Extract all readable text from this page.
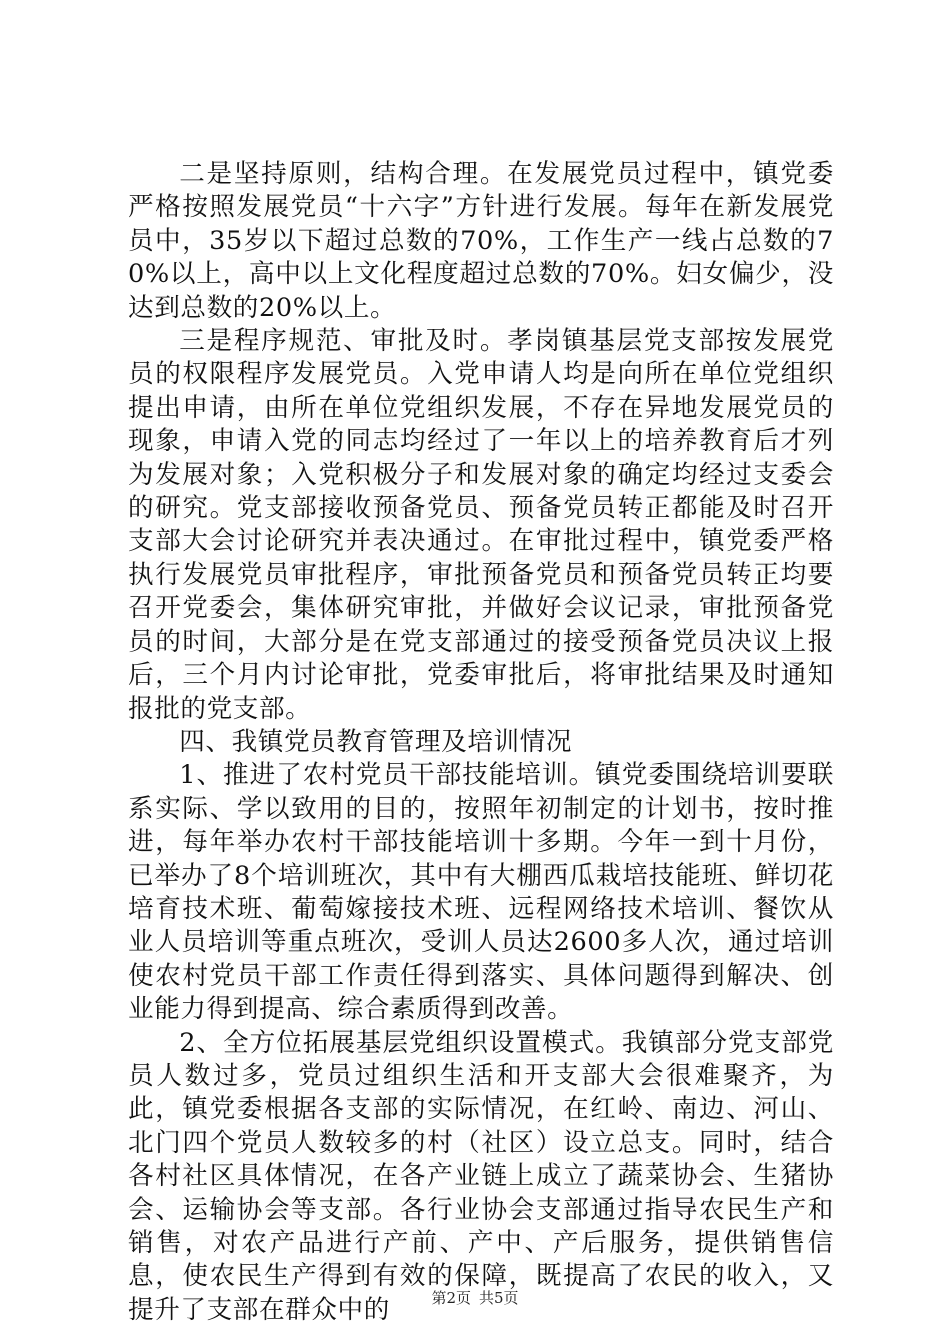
二是坚持原则，结构合理。在发展党员过程中，镇党委严格按照发展党员“十六字”方针进行发展。每年在新发展党员中，35岁以下超过总数的70%，工作生产一线占总数的70%以上，高中以上文化程度超过总数的70%。妇女偏少，没达到总数的20%以上。

三是程序规范、审批及时。孝岗镇基层党支部按发展党员的权限程序发展党员。入党申请人均是向所在单位党组织提出申请，由所在单位党组织发展，不存在异地发展党员的现象，申请入党的同志均经过了一年以上的培养教育后才列为发展对象；入党积极分子和发展对象的确定均经过支委会的研究。党支部接收预备党员、预备党员转正都能及时召开支部大会讨论研究并表决通过。在审批过程中，镇党委严格执行发展党员审批程序，审批预备党员和预备党员转正均要召开党委会，集体研究审批，并做好会议记录，审批预备党员的时间，大部分是在党支部通过的接受预备党员决议上报后，三个月内讨论审批，党委审批后，将审批结果及时通知报批的党支部。

四、我镇党员教育管理及培训情况

1、推进了农村党员干部技能培训。镇党委围绕培训要联系实际、学以致用的目的，按照年初制定的计划书，按时推进，每年举办农村干部技能培训十多期。今年一到十月份，已举办了8个培训班次，其中有大棚西瓜栽培技能班、鲜切花培育技术班、葡萄嫁接技术班、远程网络技术培训、餐饮从业人员培训等重点班次，受训人员达2600多人次，通过培训使农村党员干部工作责任得到落实、具体问题得到解决、创业能力得到提高、综合素质得到改善。

2、全方位拓展基层党组织设置模式。我镇部分党支部党员人数过多，党员过组织生活和开支部大会很难聚齐，为此，镇党委根据各支部的实际情况，在红岭、南边、河山、北门四个党员人数较多的村（社区）设立总支。同时，结合各村社区具体情况，在各产业链上成立了蔬菜协会、生猪协会、运输协会等支部。各行业协会支部通过指导农民生产和销售，对农产品进行产前、产中、产后服务，提供销售信息，使农民生产得到有效的保障，既提高了农民的收入，又提升了支部在群众中的	第2页 共5页
